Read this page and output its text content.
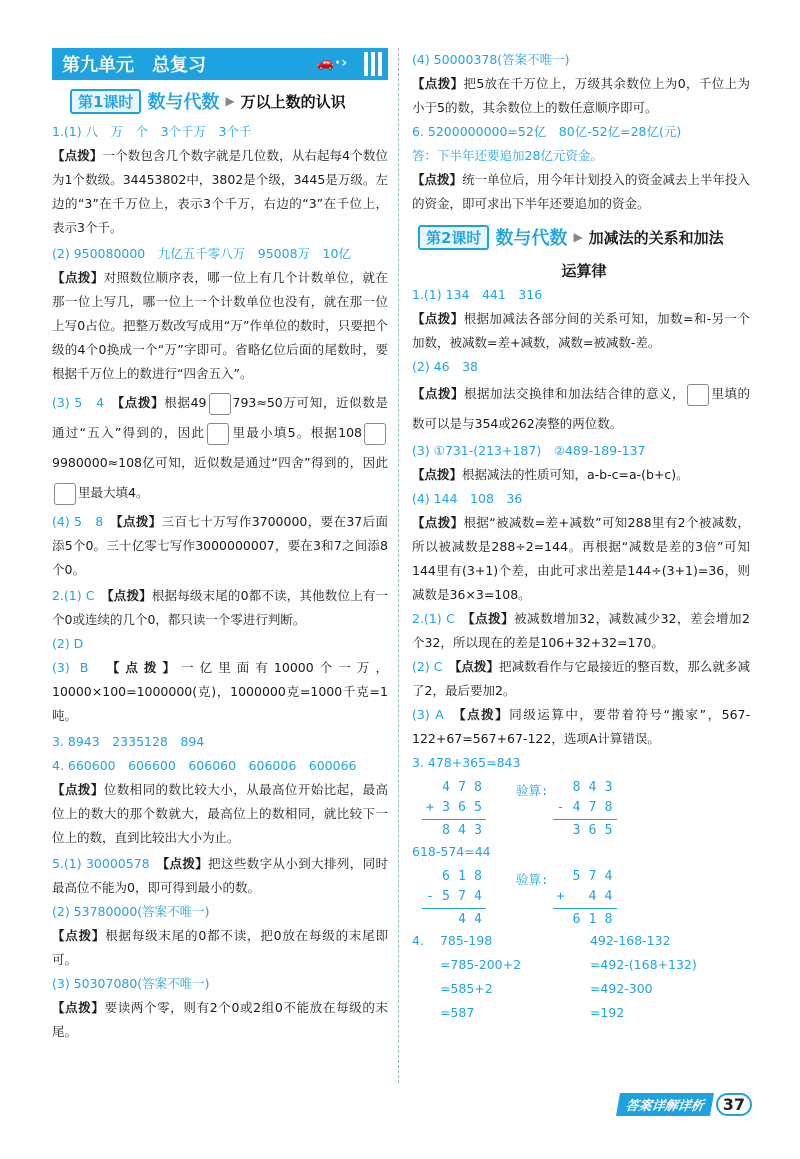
第九单元　总复习	🚗·›
第1课时 数与代数 ▶ 万以上数的认识
1.(1) 八　万　个　3个千万　3个千
【点拨】一个数包含几个数字就是几位数，从右起每4个数位为1个数级。34453802中，3802是个级，3445是万级。左边的“3”在千万位上，表示3个千万，右边的“3”在千位上，表示3个千。
(2) 950080000　九亿五千零八万　95008万　10亿
【点拨】对照数位顺序表，哪一位上有几个计数单位，就在那一位上写几，哪一位上一个计数单位也没有，就在那一位上写0占位。把整万数改写成用“万”作单位的数时，只要把个级的4个0换成一个“万”字即可。省略亿位后面的尾数时，要根据千万位上的数进行“四舍五入”。
(3) 5　4　 【点拨】根据49 793≈50万可知，近似数是通过“五入”得到的，因此 里最小填5。根据1089980000≈108亿可知，近似数是通过“四舍”得到的，因此里最大填4。
(4) 5　8　 【点拨】三百七十万写作3700000，要在37后面添5个0。三十亿零七写作3000000007，要在3和7之间添8个0。
2.(1) C　 【点拨】根据每级末尾的0都不读，其他数位上有一个0或连续的几个0，都只读一个零进行判断。
(2) D
(3) B　 【点拨】一亿里面有10000个一万，10000×100=1000000(克)，1000000克=1000千克=1吨。
3. 8943　2335128　894
4. 660600　606600　606060　606006　600066
【点拨】位数相同的数比较大小，从最高位开始比起，最高位上的数大的那个数就大，最高位上的数相同，就比较下一位上的数，直到比较出大小为止。
5.(1) 30000578　 【点拨】把这些数字从小到大排列，同时最高位不能为0，即可得到最小的数。
(2) 53780000(答案不唯一)
【点拨】根据每级末尾的0都不读，把0放在每级的末尾即可。
(3) 50307080(答案不唯一)
【点拨】要读两个零，则有2个0或2组0不能放在每级的末尾。
(4) 50000378(答案不唯一)
【点拨】把5放在千万位上，万级其余数位上为0，千位上为小于5的数，其余数位上的数任意顺序即可。
6. 5200000000=52亿　80亿-52亿=28亿(元)
答：下半年还要追加28亿元资金。
【点拨】统一单位后，用今年计划投入的资金减去上半年投入的资金，即可求出下半年还要追加的资金。
第2课时 数与代数 ▶ 加减法的关系和加法
运算律
1.(1) 134　441　316
【点拨】根据加减法各部分间的关系可知，加数=和-另一个加数，被减数=差+减数，减数=被减数-差。
(2) 46　38
【点拨】根据加法交换律和加法结合律的意义， 里填的数可以是与354或262凑整的两位数。
(3) ①731-(213+187)　②489-189-137
【点拨】根据减法的性质可知，a-b-c=a-(b+c)。
(4) 144　108　36
【点拨】根据“被减数=差+减数”可知288里有2个被减数，所以被减数是288÷2=144。再根据“减数是差的3倍”可知144里有(3+1)个差，由此可求出差是144÷(3+1)=36，则减数是36×3=108。
2.(1) C　 【点拨】被减数增加32，减数减少32，差会增加2个32，所以现在的差是106+32+32=170。
(2) C　 【点拨】把减数看作与它最接近的整百数，那么就多减了2，最后要加2。
(3) A　 【点拨】同级运算中，要带着符号“搬家”，567-122+67=567+67-122，选项A计算错误。
3. 478+365=843
4 7 8
+ 3 6 5
8 4 3
验算:	8 4 3
- 4 7 8
3 6 5
618-574=44
6 1 8
- 5 7 4
4 4
验算:	5 7 4
+	4 4
6 1 8
4. 785-198	492-168-132
=785-200+2	=492-(168+132)
=585+2	=492-300
=587	=192
答案详解详析	37
